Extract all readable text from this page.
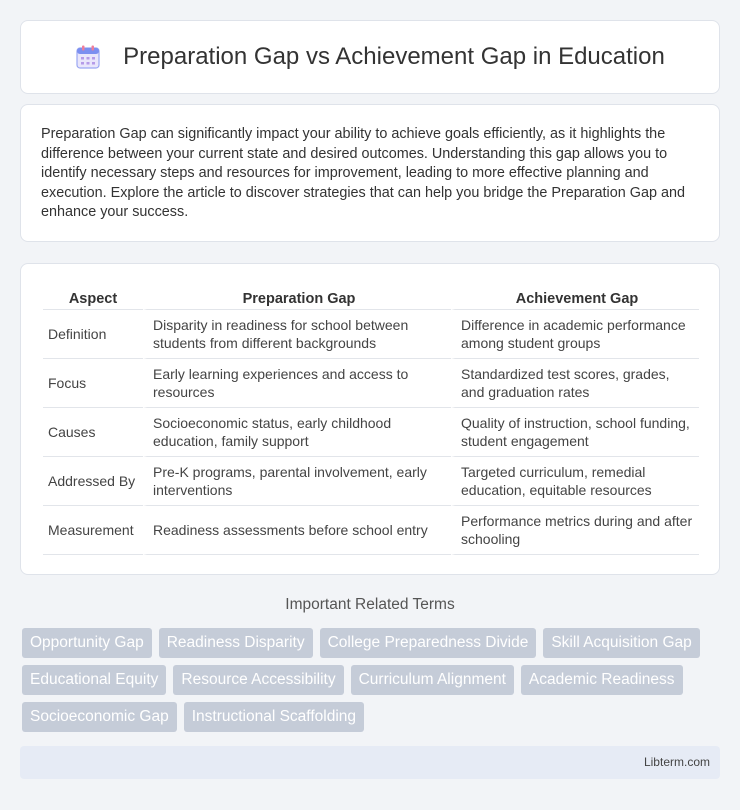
Preparation Gap vs Achievement Gap in Education

Preparation Gap can significantly impact your ability to achieve goals efficiently, as it highlights the difference between your current state and desired outcomes. Understanding this gap allows you to identify necessary steps and resources for improvement, leading to more effective planning and execution. Explore the article to discover strategies that can help you bridge the Preparation Gap and enhance your success.

Aspect	Preparation Gap	Achievement Gap
Definition	Disparity in readiness for school between students from different backgrounds	Difference in academic performance among student groups
Focus	Early learning experiences and access to resources	Standardized test scores, grades, and graduation rates
Causes	Socioeconomic status, early childhood education, family support	Quality of instruction, school funding, student engagement
Addressed By	Pre-K programs, parental involvement, early interventions	Targeted curriculum, remedial education, equitable resources
Measurement	Readiness assessments before school entry	Performance metrics during and after schooling
Important Related Terms
Opportunity Gap	Readiness Disparity	College Preparedness Divide	Skill Acquisition Gap
Educational Equity	Resource Accessibility	Curriculum Alignment	Academic Readiness
Socioeconomic Gap	Instructional Scaffolding
Libterm.com
